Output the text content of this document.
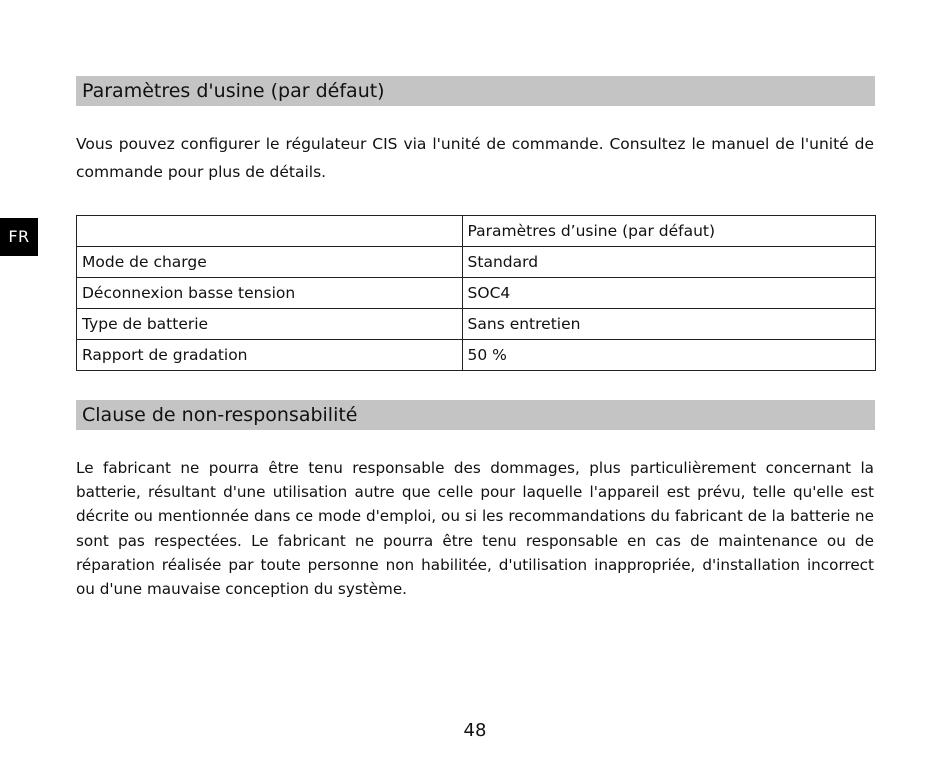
FR
Paramètres d'usine (par défaut)

Vous pouvez configurer le régulateur CIS via l'unité de commande. Consultez le manuel de l'unité de commande pour plus de détails.

	Paramètres d’usine (par défaut)
Mode de charge	Standard
Déconnexion basse tension	SOC4
Type de batterie	Sans entretien
Rapport de gradation	50 %
Clause de non-responsabilité

Le fabricant ne pourra être tenu responsable des dommages, plus particulièrement concernant la batterie, résultant d'une utilisation autre que celle pour laquelle l'appareil est prévu, telle qu'elle est décrite ou mentionnée dans ce mode d'emploi, ou si les recommandations du fabricant de la batterie ne sont pas respectées. Le fabricant ne pourra être tenu responsable en cas de maintenance ou de réparation réalisée par toute personne non habilitée, d'utilisation inappropriée, d'installation incorrect ou d'une mauvaise conception du système.

48
